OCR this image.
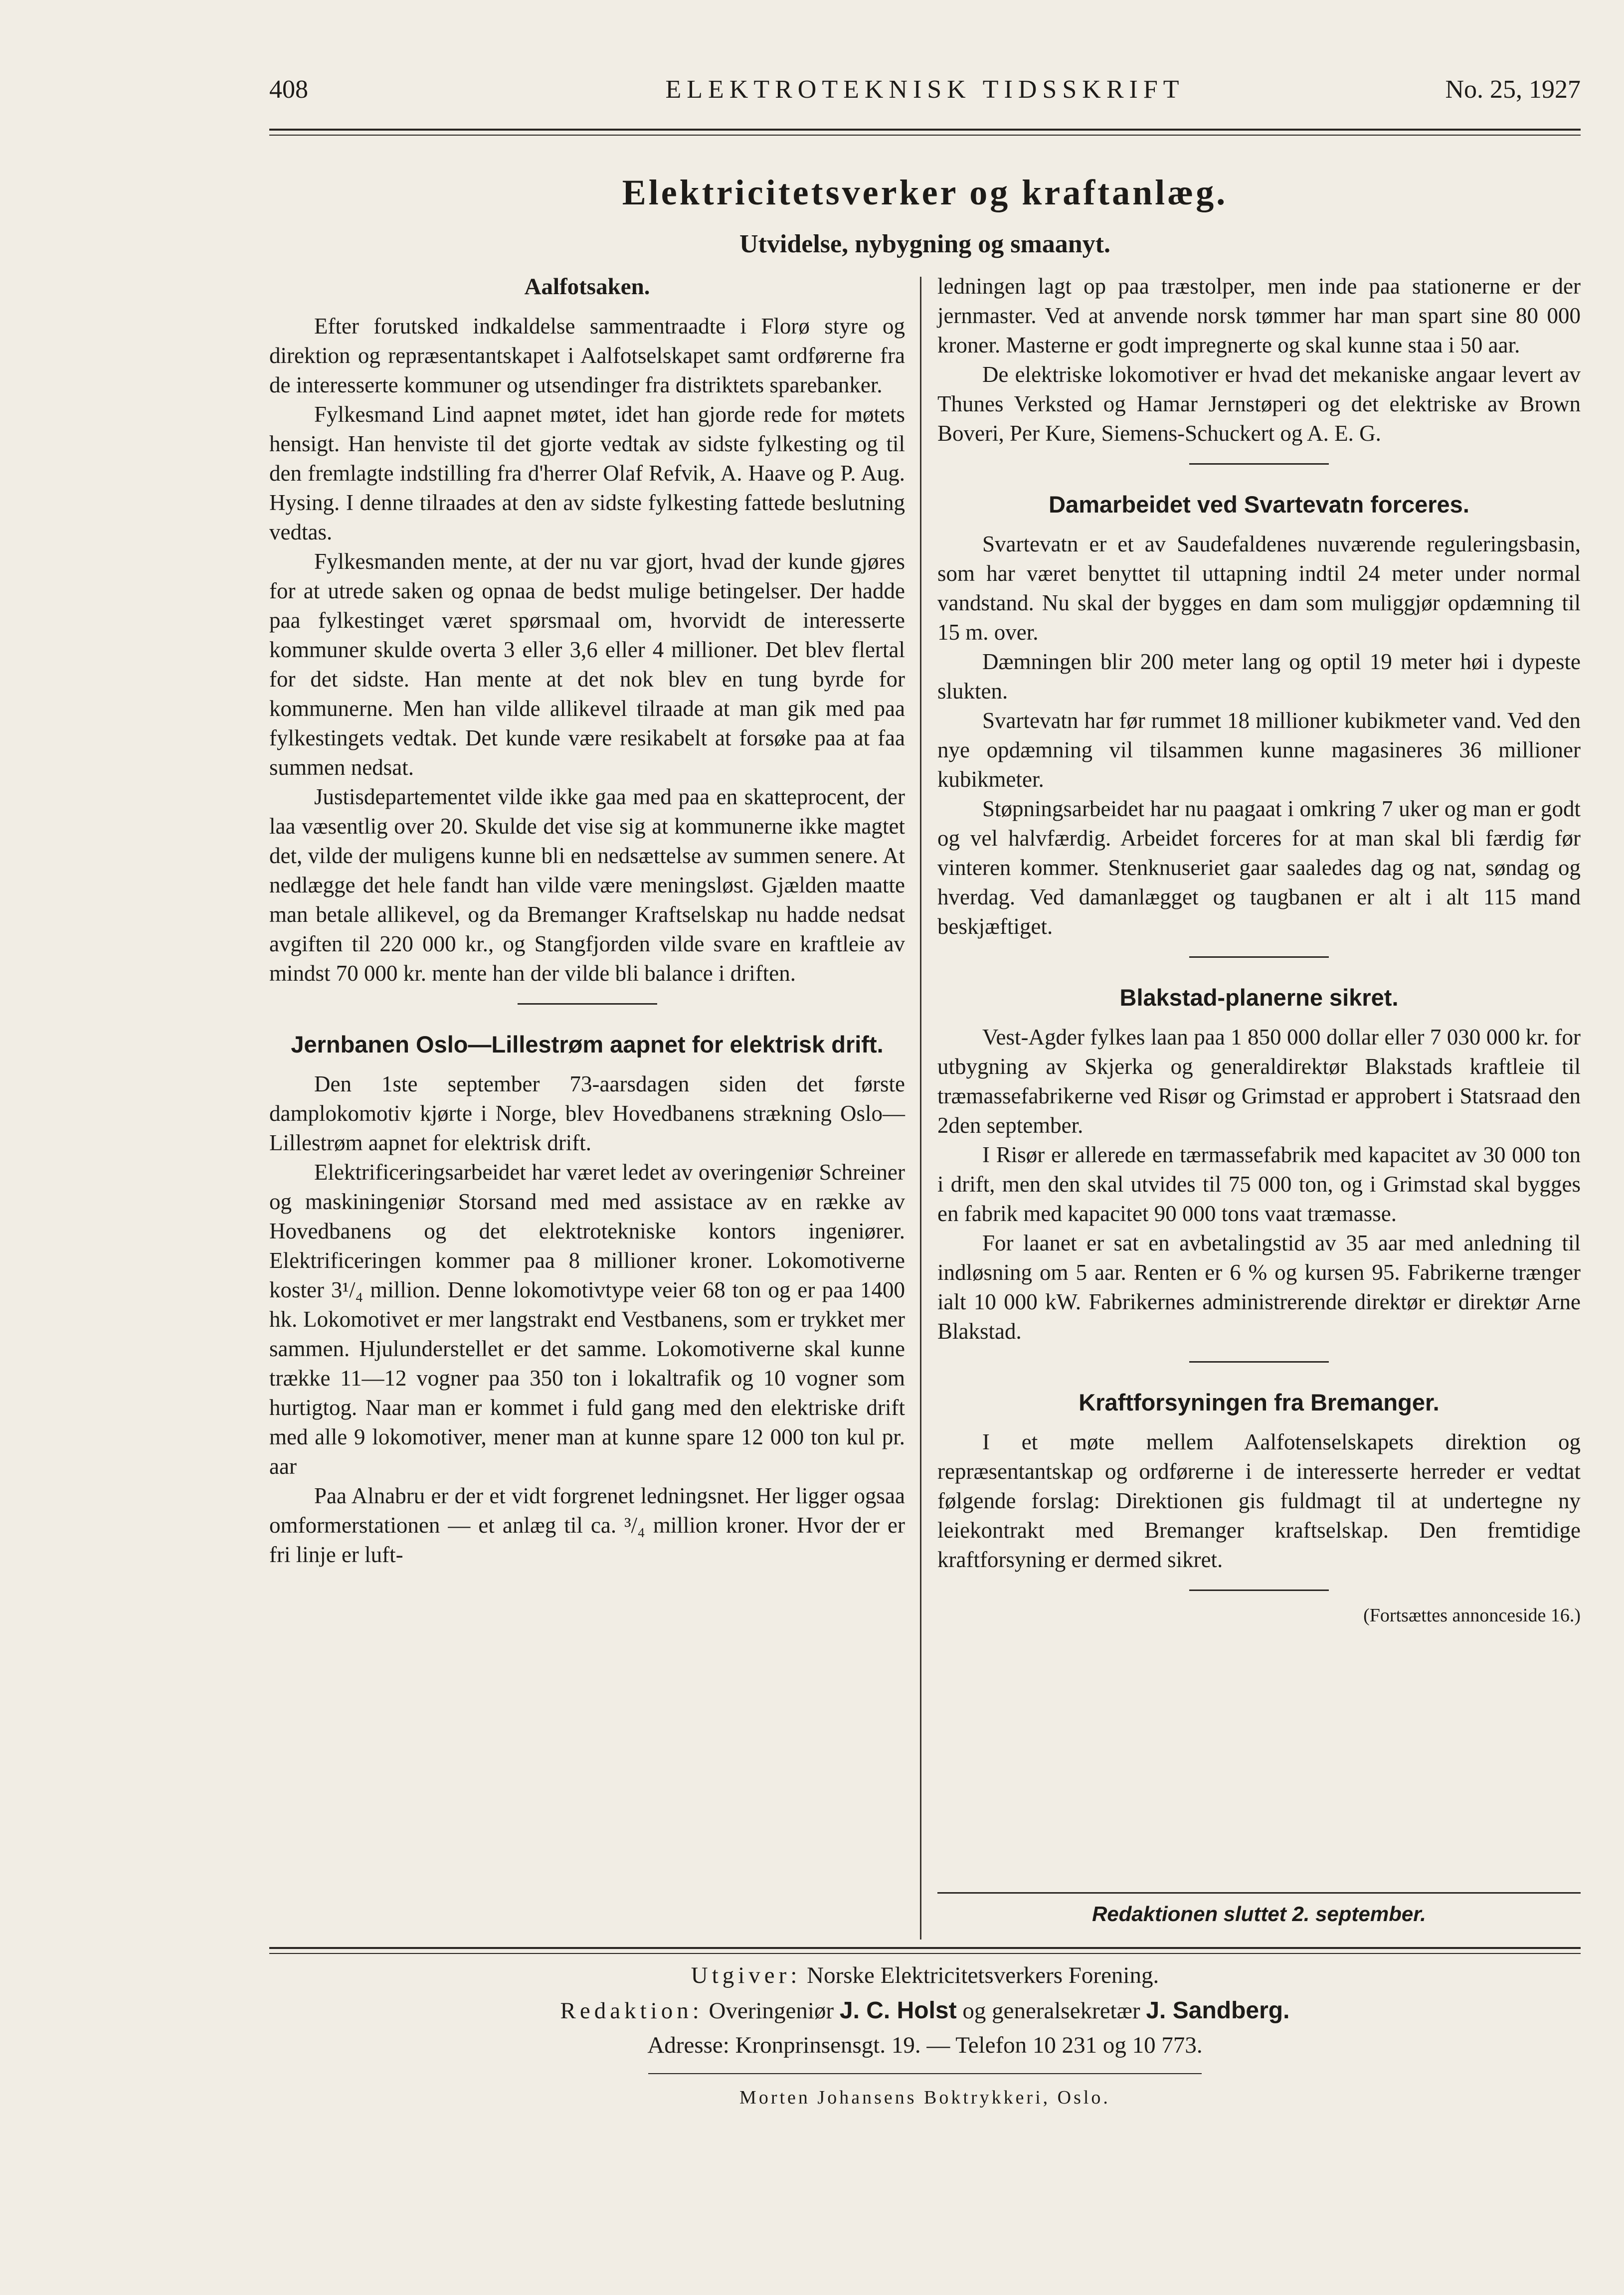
408	ELEKTROTEKNISK TIDSSKRIFT	No. 25, 1927
Elektricitetsverker og kraftanlæg.
Utvidelse, nybygning og smaanyt.
Aalfotsaken.

Efter forutsked indkaldelse sammentraadte i Florø styre og direktion og repræsentantskapet i Aalfotselskapet samt ordførerne fra de interesserte kommuner og utsendinger fra distriktets sparebanker.

Fylkesmand Lind aapnet møtet, idet han gjorde rede for møtets hensigt. Han henviste til det gjorte vedtak av sidste fylkesting og til den fremlagte indstilling fra d'herrer Olaf Refvik, A. Haave og P. Aug. Hysing. I denne tilraades at den av sidste fylkesting fattede beslutning vedtas.

Fylkesmanden mente, at der nu var gjort, hvad der kunde gjøres for at utrede saken og opnaa de bedst mulige betingelser. Der hadde paa fylkestinget været spørsmaal om, hvorvidt de interesserte kommuner skulde overta 3 eller 3,6 eller 4 millioner. Det blev flertal for det sidste. Han mente at det nok blev en tung byrde for kommunerne. Men han vilde allikevel tilraade at man gik med paa fylkestingets vedtak. Det kunde være resikabelt at forsøke paa at faa summen nedsat.

Justisdepartementet vilde ikke gaa med paa en skatteprocent, der laa væsentlig over 20. Skulde det vise sig at kommunerne ikke magtet det, vilde der muligens kunne bli en nedsættelse av summen senere. At nedlægge det hele fandt han vilde være meningsløst. Gjælden maatte man betale allikevel, og da Bremanger Kraftselskap nu hadde nedsat avgiften til 220 000 kr., og Stangfjorden vilde svare en kraftleie av mindst 70 000 kr. mente han der vilde bli balance i driften.

Jernbanen Oslo—Lillestrøm aapnet for elektrisk drift.

Den 1ste september 73-aarsdagen siden det første damplokomotiv kjørte i Norge, blev Hovedbanens strækning Oslo—Lillestrøm aapnet for elektrisk drift.

Elektrificeringsarbeidet har været ledet av overingeniør Schreiner og maskiningeniør Storsand med med assistace av en række av Hovedbanens og det elektrotekniske kontors ingeniører. Elektrificeringen kommer paa 8 millioner kroner. Lokomotiverne koster 3¹/₄ million. Denne lokomotivtype veier 68 ton og er paa 1400 hk. Lokomotivet er mer langstrakt end Vestbanens, som er trykket mer sammen. Hjulunderstellet er det samme. Lokomotiverne skal kunne trække 11—12 vogner paa 350 ton i lokaltrafik og 10 vogner som hurtigtog. Naar man er kommet i fuld gang med den elektriske drift med alle 9 lokomotiver, mener man at kunne spare 12 000 ton kul pr. aar

Paa Alnabru er der et vidt forgrenet ledningsnet. Her ligger ogsaa omformerstationen — et anlæg til ca. ³/₄ million kroner. Hvor der er fri linje er luft-

ledningen lagt op paa træstolper, men inde paa stationerne er der jernmaster. Ved at anvende norsk tømmer har man spart sine 80 000 kroner. Masterne er godt impregnerte og skal kunne staa i 50 aar.

De elektriske lokomotiver er hvad det mekaniske angaar levert av Thunes Verksted og Hamar Jernstøperi og det elektriske av Brown Boveri, Per Kure, Siemens-Schuckert og A. E. G.

Damarbeidet ved Svartevatn forceres.

Svartevatn er et av Saudefaldenes nuværende reguleringsbasin, som har været benyttet til uttapning indtil 24 meter under normal vandstand. Nu skal der bygges en dam som muliggjør opdæmning til 15 m. over.

Dæmningen blir 200 meter lang og optil 19 meter høi i dypeste slukten.

Svartevatn har før rummet 18 millioner kubikmeter vand. Ved den nye opdæmning vil tilsammen kunne magasineres 36 millioner kubikmeter.

Støpningsarbeidet har nu paagaat i omkring 7 uker og man er godt og vel halvfærdig. Arbeidet forceres for at man skal bli færdig før vinteren kommer. Stenknuseriet gaar saaledes dag og nat, søndag og hverdag. Ved damanlægget og taugbanen er alt i alt 115 mand beskjæftiget.

Blakstad-planerne sikret.

Vest-Agder fylkes laan paa 1 850 000 dollar eller 7 030 000 kr. for utbygning av Skjerka og generaldirektør Blakstads kraftleie til træmassefabrikerne ved Risør og Grimstad er approbert i Statsraad den 2den september.

I Risør er allerede en tærmassefabrik med kapacitet av 30 000 ton i drift, men den skal utvides til 75 000 ton, og i Grimstad skal bygges en fabrik med kapacitet 90 000 tons vaat træmasse.

For laanet er sat en avbetalingstid av 35 aar med anledning til indløsning om 5 aar. Renten er 6 % og kursen 95. Fabrikerne trænger ialt 10 000 kW. Fabrikernes administrerende direktør er direktør Arne Blakstad.

Kraftforsyningen fra Bremanger.

I et møte mellem Aalfotenselskapets direktion og repræsentantskap og ordførerne i de interesserte herreder er vedtat følgende forslag: Direktionen gis fuldmagt til at undertegne ny leiekontrakt med Bremanger kraftselskap. Den fremtidige kraftforsyning er dermed sikret.

(Fortsættes annonceside 16.)

Redaktionen sluttet 2. september.
Utgiver: Norske Elektricitetsverkers Forening.
Redaktion: Overingeniør J. C. Holst og generalsekretær J. Sandberg.
Adresse: Kronprinsensgt. 19. — Telefon 10 231 og 10 773.
Morten Johansens Boktrykkeri, Oslo.
